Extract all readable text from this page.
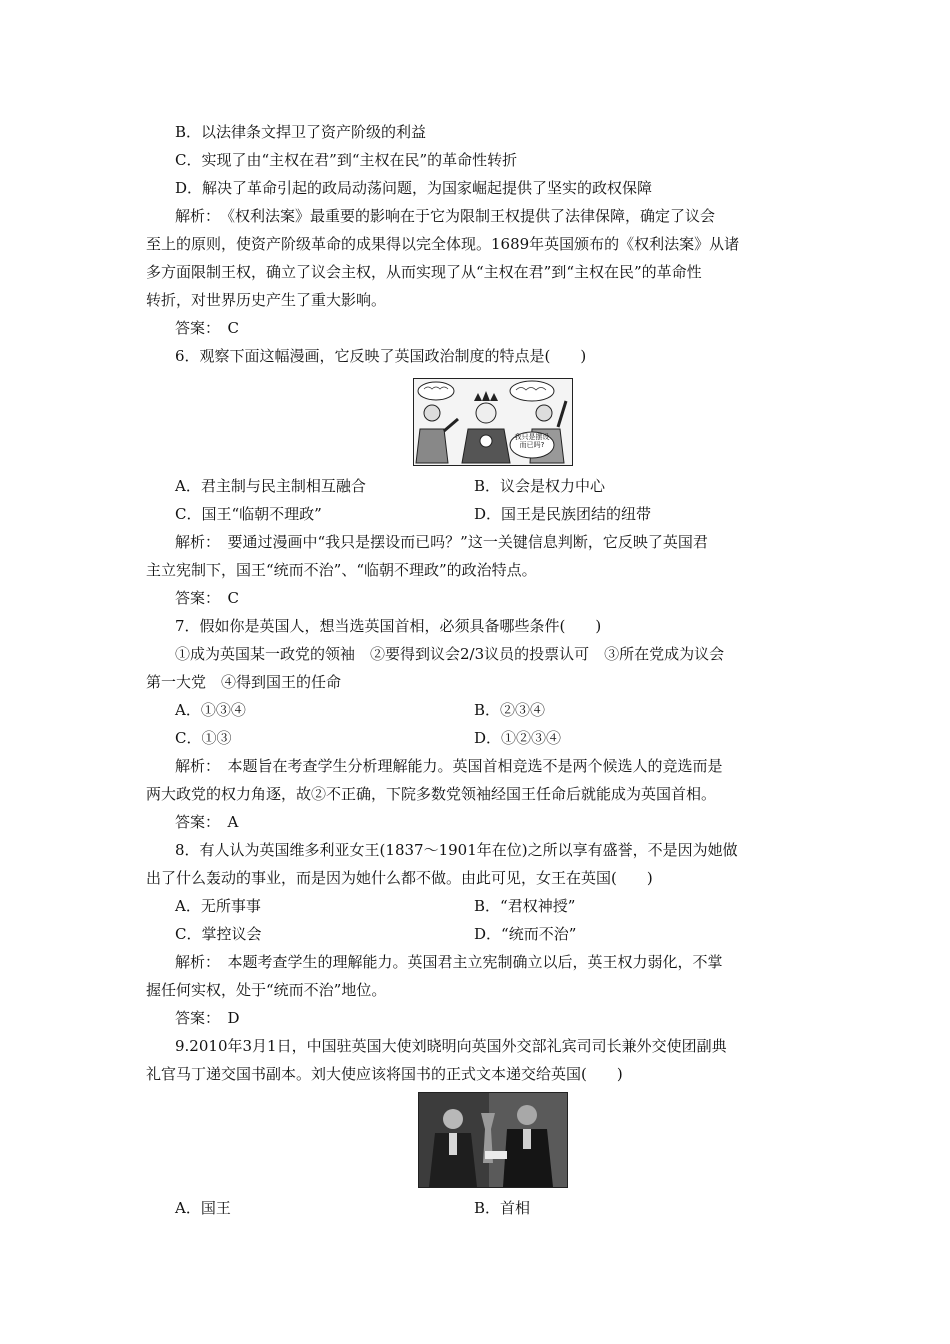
B．以法律条文捍卫了资产阶级的利益
C．实现了由“主权在君”到“主权在民”的革命性转折
D．解决了革命引起的政局动荡问题，为国家崛起提供了坚实的政权保障
解析：　《权利法案》最重要的影响在于它为限制王权提供了法律保障，确定了议会
至上的原则，使资产阶级革命的成果得以完全体现。1689年英国颁布的《权利法案》从诸
多方面限制王权，确立了议会主权，从而实现了从“主权在君”到“主权在民”的革命性
转折，对世界历史产生了重大影响。
答案：　C
6．观察下面这幅漫画，它反映了英国政治制度的特点是(　　)
我只是摆设而已吗?
A．君主制与民主制相互融合	B．议会是权力中心
C．国王“临朝不理政”	D．国王是民族团结的纽带
解析：　要通过漫画中“我只是摆设而已吗？”这一关键信息判断，它反映了英国君
主立宪制下，国王“统而不治”、“临朝不理政”的政治特点。
答案：　C
7．假如你是英国人，想当选英国首相，必须具备哪些条件(　　)
①成为英国某一政党的领袖　②要得到议会2/3议员的投票认可　③所在党成为议会
第一大党　④得到国王的任命
A．①③④	B．②③④
C．①③	D．①②③④
解析：　本题旨在考查学生分析理解能力。英国首相竞选不是两个候选人的竞选而是
两大政党的权力角逐，故②不正确，下院多数党领袖经国王任命后就能成为英国首相。
答案：　A
8．有人认为英国维多利亚女王(1837～1901年在位)之所以享有盛誉，不是因为她做
出了什么轰动的事业，而是因为她什么都不做。由此可见，女王在英国(　　)
A．无所事事	B．“君权神授”
C．掌控议会	D．“统而不治”
解析：　本题考查学生的理解能力。英国君主立宪制确立以后，英王权力弱化，不掌
握任何实权，处于“统而不治”地位。
答案：　D
9.2010年3月1日，中国驻英国大使刘晓明向英国外交部礼宾司司长兼外交使团副典
礼官马丁递交国书副本。刘大使应该将国书的正式文本递交给英国(　　)
A．国王	B．首相
